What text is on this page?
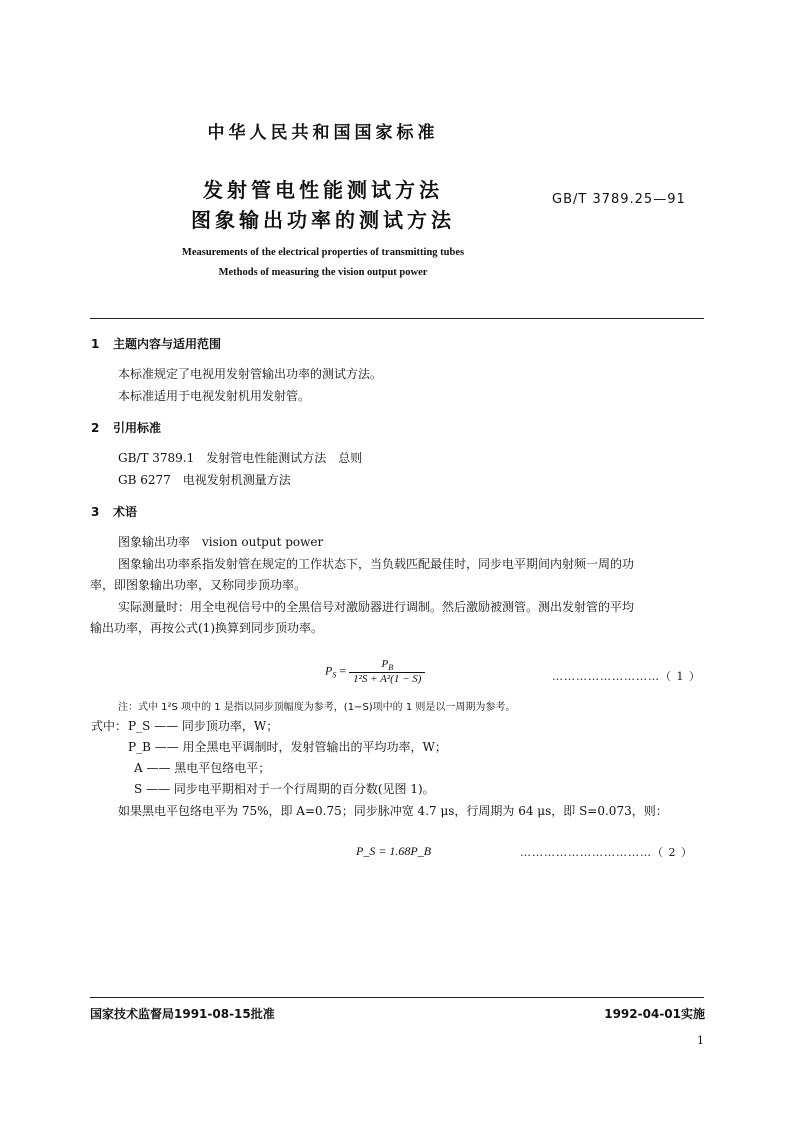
中华人民共和国国家标准
发射管电性能测试方法
图象输出功率的测试方法
GB/T 3789.25—91
Measurements of the electrical properties of transmitting tubes
Methods of measuring the vision output power
1 主题内容与适用范围
本标准规定了电视用发射管输出功率的测试方法。
本标准适用于电视发射机用发射管。
2 引用标准
GB/T 3789.1　发射管电性能测试方法　总则
GB 6277　电视发射机测量方法
3 术语
图象输出功率　vision output power
图象输出功率系指发射管在规定的工作状态下，当负载匹配最佳时，同步电平期间内射频一周的功
率，即图象输出功率，又称同步顶功率。
实际测量时：用全电视信号中的全黑信号对激励器进行调制。然后激励被测管。测出发射管的平均
输出功率，再按公式(1)换算到同步顶功率。
$P_S = \frac{P_B}{\text{1²S + A²(1 − S)}}$	………………………（ 1 ）
注：式中 1²S 项中的 1 是指以同步顶幅度为参考，(1−S)项中的 1 则是以一周期为参考。
式中： P_S —— 同步顶功率，W；
P_B —— 用全黑电平调制时，发射管输出的平均功率，W；
A —— 黑电平包络电平；
S —— 同步电平期相对于一个行周期的百分数(见图 1)。
如果黑电平包络电平为 75%，即 A=0.75；同步脉冲宽 4.7 μs，行周期为 64 μs，即 S=0.073，则：
P_S = 1.68P_B	……………………………（ 2 ）
国家技术监督局1991-08-15批准	1992-04-01实施
1
